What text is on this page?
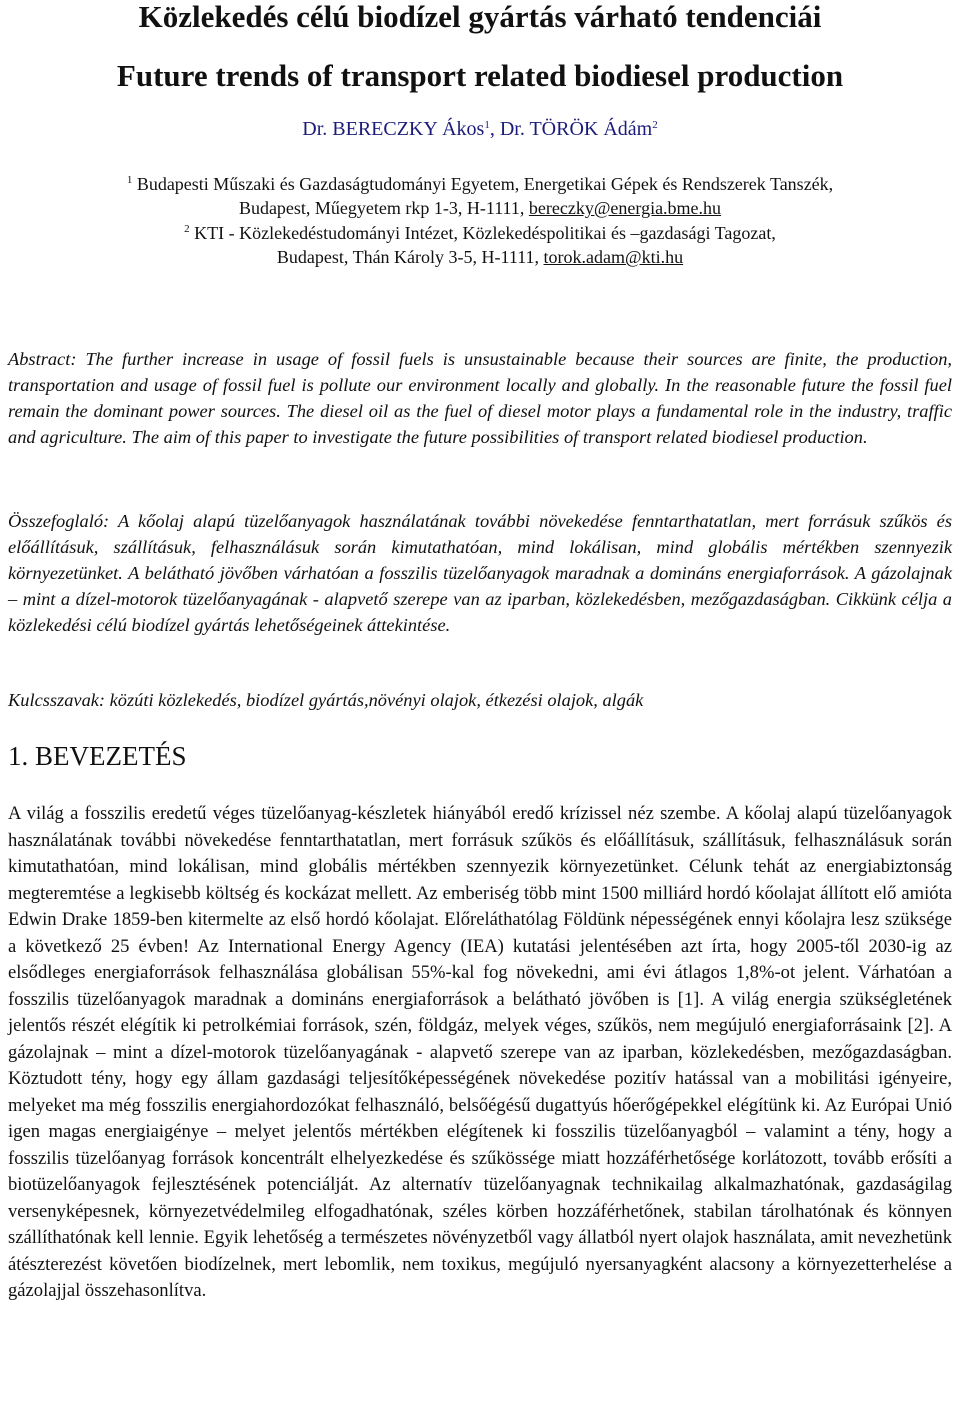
Közlekedés célú biodízel gyártás várható tendenciái
Future trends of transport related biodiesel production
Dr. BERECZKY Ákos$^1$, Dr. TÖRÖK Ádám$^2$
$^1$ Budapesti Műszaki és Gazdaságtudományi Egyetem, Energetikai Gépek és Rendszerek Tanszék,
Budapest, Műegyetem rkp 1-3, H-1111, bereczky@energia.bme.hu
$^2$ KTI - Közlekedéstudományi Intézet, Közlekedéspolitikai és –gazdasági Tagozat,
Budapest, Thán Károly 3-5, H-1111, torok.adam@kti.hu

Abstract: The further increase in usage of fossil fuels is unsustainable because their sources are finite, the production, transportation and usage of fossil fuel is pollute our environment locally and globally. In the reasonable future the fossil fuel remain the dominant power sources. The diesel oil as the fuel of diesel motor plays a fundamental role in the industry, traffic and agriculture. The aim of this paper to investigate the future possibilities of transport related biodiesel production.

Összefoglaló: A kőolaj alapú tüzelőanyagok használatának további növekedése fenntarthatatlan, mert forrásuk szűkös és előállításuk, szállításuk, felhasználásuk során kimutathatóan, mind lokálisan, mind globális mértékben szennyezik környezetünket. A belátható jövőben várhatóan a fosszilis tüzelőanyagok maradnak a domináns energiaforrások. A gázolajnak – mint a dízel-motorok tüzelőanyagának - alapvető szerepe van az iparban, közlekedésben, mezőgazdaságban. Cikkünk célja a közlekedési célú biodízel gyártás lehetőségeinek áttekintése.

Kulcsszavak: közúti közlekedés, biodízel gyártás,növényi olajok, étkezési olajok, algák

1. BEVEZETÉS

A világ a fosszilis eredetű véges tüzelőanyag-készletek hiányából eredő krízissel néz szembe. A kőolaj alapú tüzelőanyagok használatának további növekedése fenntarthatatlan, mert forrásuk szűkös és előállításuk, szállításuk, felhasználásuk során kimutathatóan, mind lokálisan, mind globális mértékben szennyezik környezetünket. Célunk tehát az energiabiztonság megteremtése a legkisebb költség és kockázat mellett. Az emberiség több mint 1500 milliárd hordó kőolajat állított elő amióta Edwin Drake 1859-ben kitermelte az első hordó kőolajat. Előreláthatólag Földünk népességének ennyi kőolajra lesz szüksége a következő 25 évben! Az International Energy Agency (IEA) kutatási jelentésében azt írta, hogy 2005-től 2030-ig az elsődleges energiaforrások felhasználása globálisan 55%-kal fog növekedni, ami évi átlagos 1,8%-ot jelent. Várhatóan a fosszilis tüzelőanyagok maradnak a domináns energiaforrások a belátható jövőben is [1]. A világ energia szükségletének jelentős részét elégítik ki petrolkémiai források, szén, földgáz, melyek véges, szűkös, nem megújuló energiaforrásaink [2]. A gázolajnak – mint a dízel-motorok tüzelőanyagának - alapvető szerepe van az iparban, közlekedésben, mezőgazdaságban. Köztudott tény, hogy egy állam gazdasági teljesítőképességének növekedése pozitív hatással van a mobilitási igényeire, melyeket ma még fosszilis energiahordozókat felhasználó, belsőégésű dugattyús hőerőgépekkel elégítünk ki. Az Európai Unió igen magas energiaigénye – melyet jelentős mértékben elégítenek ki fosszilis tüzelőanyagból – valamint a tény, hogy a fosszilis tüzelőanyag források koncentrált elhelyezkedése és szűkössége miatt hozzáférhetősége korlátozott, tovább erősíti a biotüzelőanyagok fejlesztésének potenciálját. Az alternatív tüzelőanyagnak technikailag alkalmazhatónak, gazdaságilag versenyképesnek, környezetvédelmileg elfogadhatónak, széles körben hozzáférhetőnek, stabilan tárolhatónak és könnyen szállíthatónak kell lennie. Egyik lehetőség a természetes növényzetből vagy állatból nyert olajok használata, amit nevezhetünk átészterezést követően biodízelnek, mert lebomlik, nem toxikus, megújuló nyersanyagként alacsony a környezetterhelése a gázolajjal összehasonlítva.
